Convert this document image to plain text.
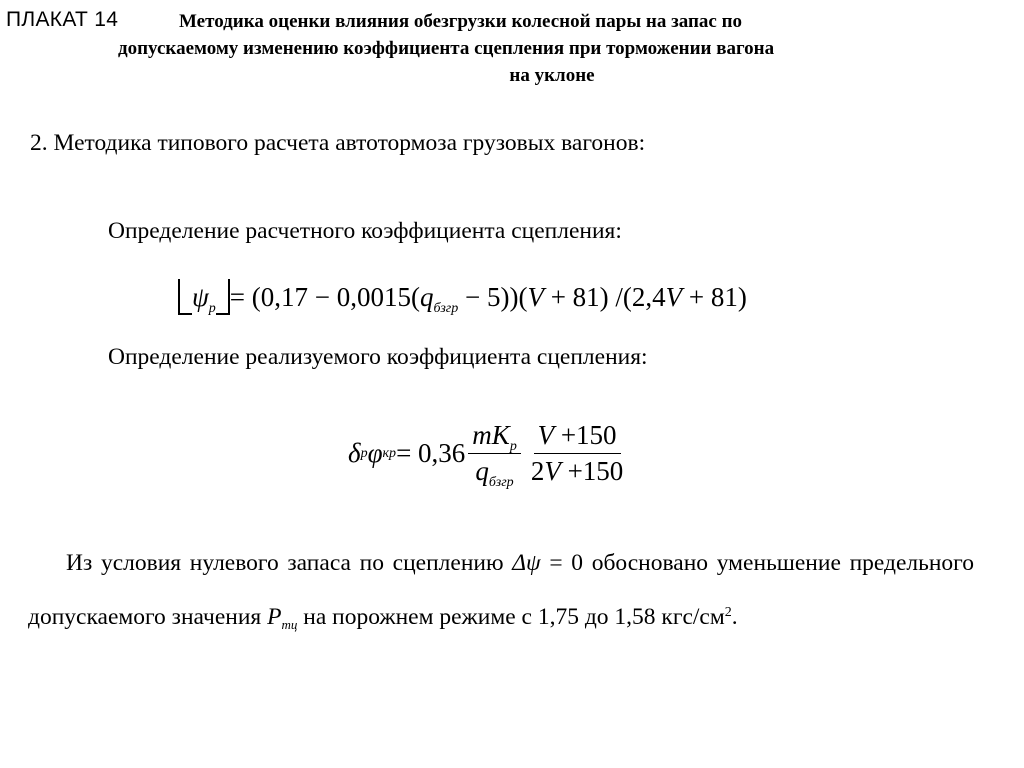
ПЛАКАТ 14	Методика оценки влияния обезгрузки колесной пары на запас по
допускаемому изменению коэффициента сцепления при торможении вагона
на уклоне
2. Методика типового расчета автотормоза грузовых вагонов:
Определение расчетного коэффициента сцепления:
$\psi_р = (0,17 - 0,0015(q_{бзгр} - 5))(V + 81) /(2,4V + 81)$
Определение реализуемого коэффициента сцепления:
δ р φ кр = $0,36 \frac{mK_р}{q_{бзгр}} \frac{V +150}{2V +150}$
Из условия нулевого запаса по сцеплению Δψ = 0 обосновано уменьшение предельного допускаемого значения $Р_{тц}$ на порожнем режиме с 1,75 до 1,58 кгс/$см^2$.
